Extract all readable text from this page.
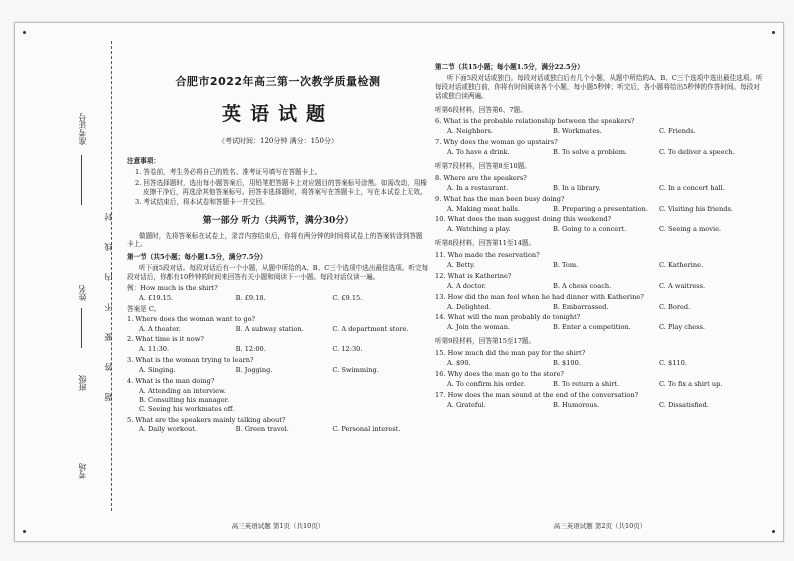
准考证号
姓名
班级
考场
封
线
内
不
要
答
题
合肥市2022年高三第一次教学质量检测
英语试题
（考试时间：120分钟 满分：150分）
注意事项：

1. 答卷前，考生务必将自己的姓名、准考证号填写在答题卡上。

2. 回答选择题时，选出每小题答案后，用铅笔把答题卡上对应题目的答案标号涂黑。如需改动，用橡皮擦干净后，再选涂其他答案标号。回答非选择题时，将答案写在答题卡上，写在本试卷上无效。

3. 考试结束后，将本试卷和答题卡一并交回。

第一部分 听力（共两节，满分30分）
做题时，先将答案标在试卷上，录音内容结束后，你将有两分钟的时间将试卷上的答案转涂到答题卡上。
第一节（共5小题；每小题1.5分，满分7.5分）
听下面5段对话。每段对话后有一个小题，从题中所给的A、B、C三个选项中选出最佳选项。听完每段对话后，你都有10秒钟的时间来回答有关小题和阅读下一小题。每段对话仅读一遍。
例：How much is the shirt?
A. £19.15.	B. £9.18.	C. £9.15.
答案是 C。
1. Where does the woman want to go?
A. A theater.	B. A subway station.	C. A department store.
2. What time is it now?
A. 11:30.	B. 12:00.	C. 12:30.
3. What is the woman trying to learn?
A. Singing.	B. Jogging.	C. Swimming.
4. What is the man doing?
A. Attending an interview.
B. Consulting his manager.
C. Seeing his workmates off.
5. What are the speakers mainly talking about?
A. Daily workout.	B. Green travel.	C. Personal interest.
高三英语试题 第1页（共10页）
第二节（共15小题；每小题1.5分，满分22.5分）
听下面5段对话或独白。每段对话或独白后有几个小题，从题中所给的A、B、C三个选项中选出最佳选项。听每段对话或独白前，你将有时间阅读各个小题，每小题5秒钟；听完后，各小题将给出5秒钟的作答时间。每段对话或独白读两遍。
听第6段材料，回答第6、7题。
6. What is the probable relationship between the speakers?
A. Neighbors.	B. Workmates.	C. Friends.
7. Why does the woman go upstairs?
A. To have a drink.	B. To solve a problem.	C. To deliver a speech.
听第7段材料，回答第8至10题。
8. Where are the speakers?
A. In a restaurant.	B. In a library.	C. In a concert hall.
9. What has the man been busy doing?
A. Making meat balls.	B. Preparing a presentation.	C. Visiting his friends.
10. What does the man suggest doing this weekend?
A. Watching a play.	B. Going to a concert.	C. Seeing a movie.
听第8段材料，回答第11至14题。
11. Who made the reservation?
A. Betty.	B. Tom.	C. Katherine.
12. What is Katherine?
A. A doctor.	B. A chess coach.	C. A waitress.
13. How did the man feel when he had dinner with Katherine?
A. Delighted.	B. Embarrassed.	C. Bored.
14. What will the man probably do tonight?
A. Join the woman.	B. Enter a competition.	C. Play chess.
听第9段材料，回答第15至17题。
15. How much did the man pay for the shirt?
A. $90.	B. $100.	C. $110.
16. Why does the man go to the store?
A. To confirm his order.	B. To return a shirt.	C. To fix a shirt up.
17. How does the man sound at the end of the conversation?
A. Grateful.	B. Humorous.	C. Dissatisfied.
高三英语试题 第2页（共10页）
